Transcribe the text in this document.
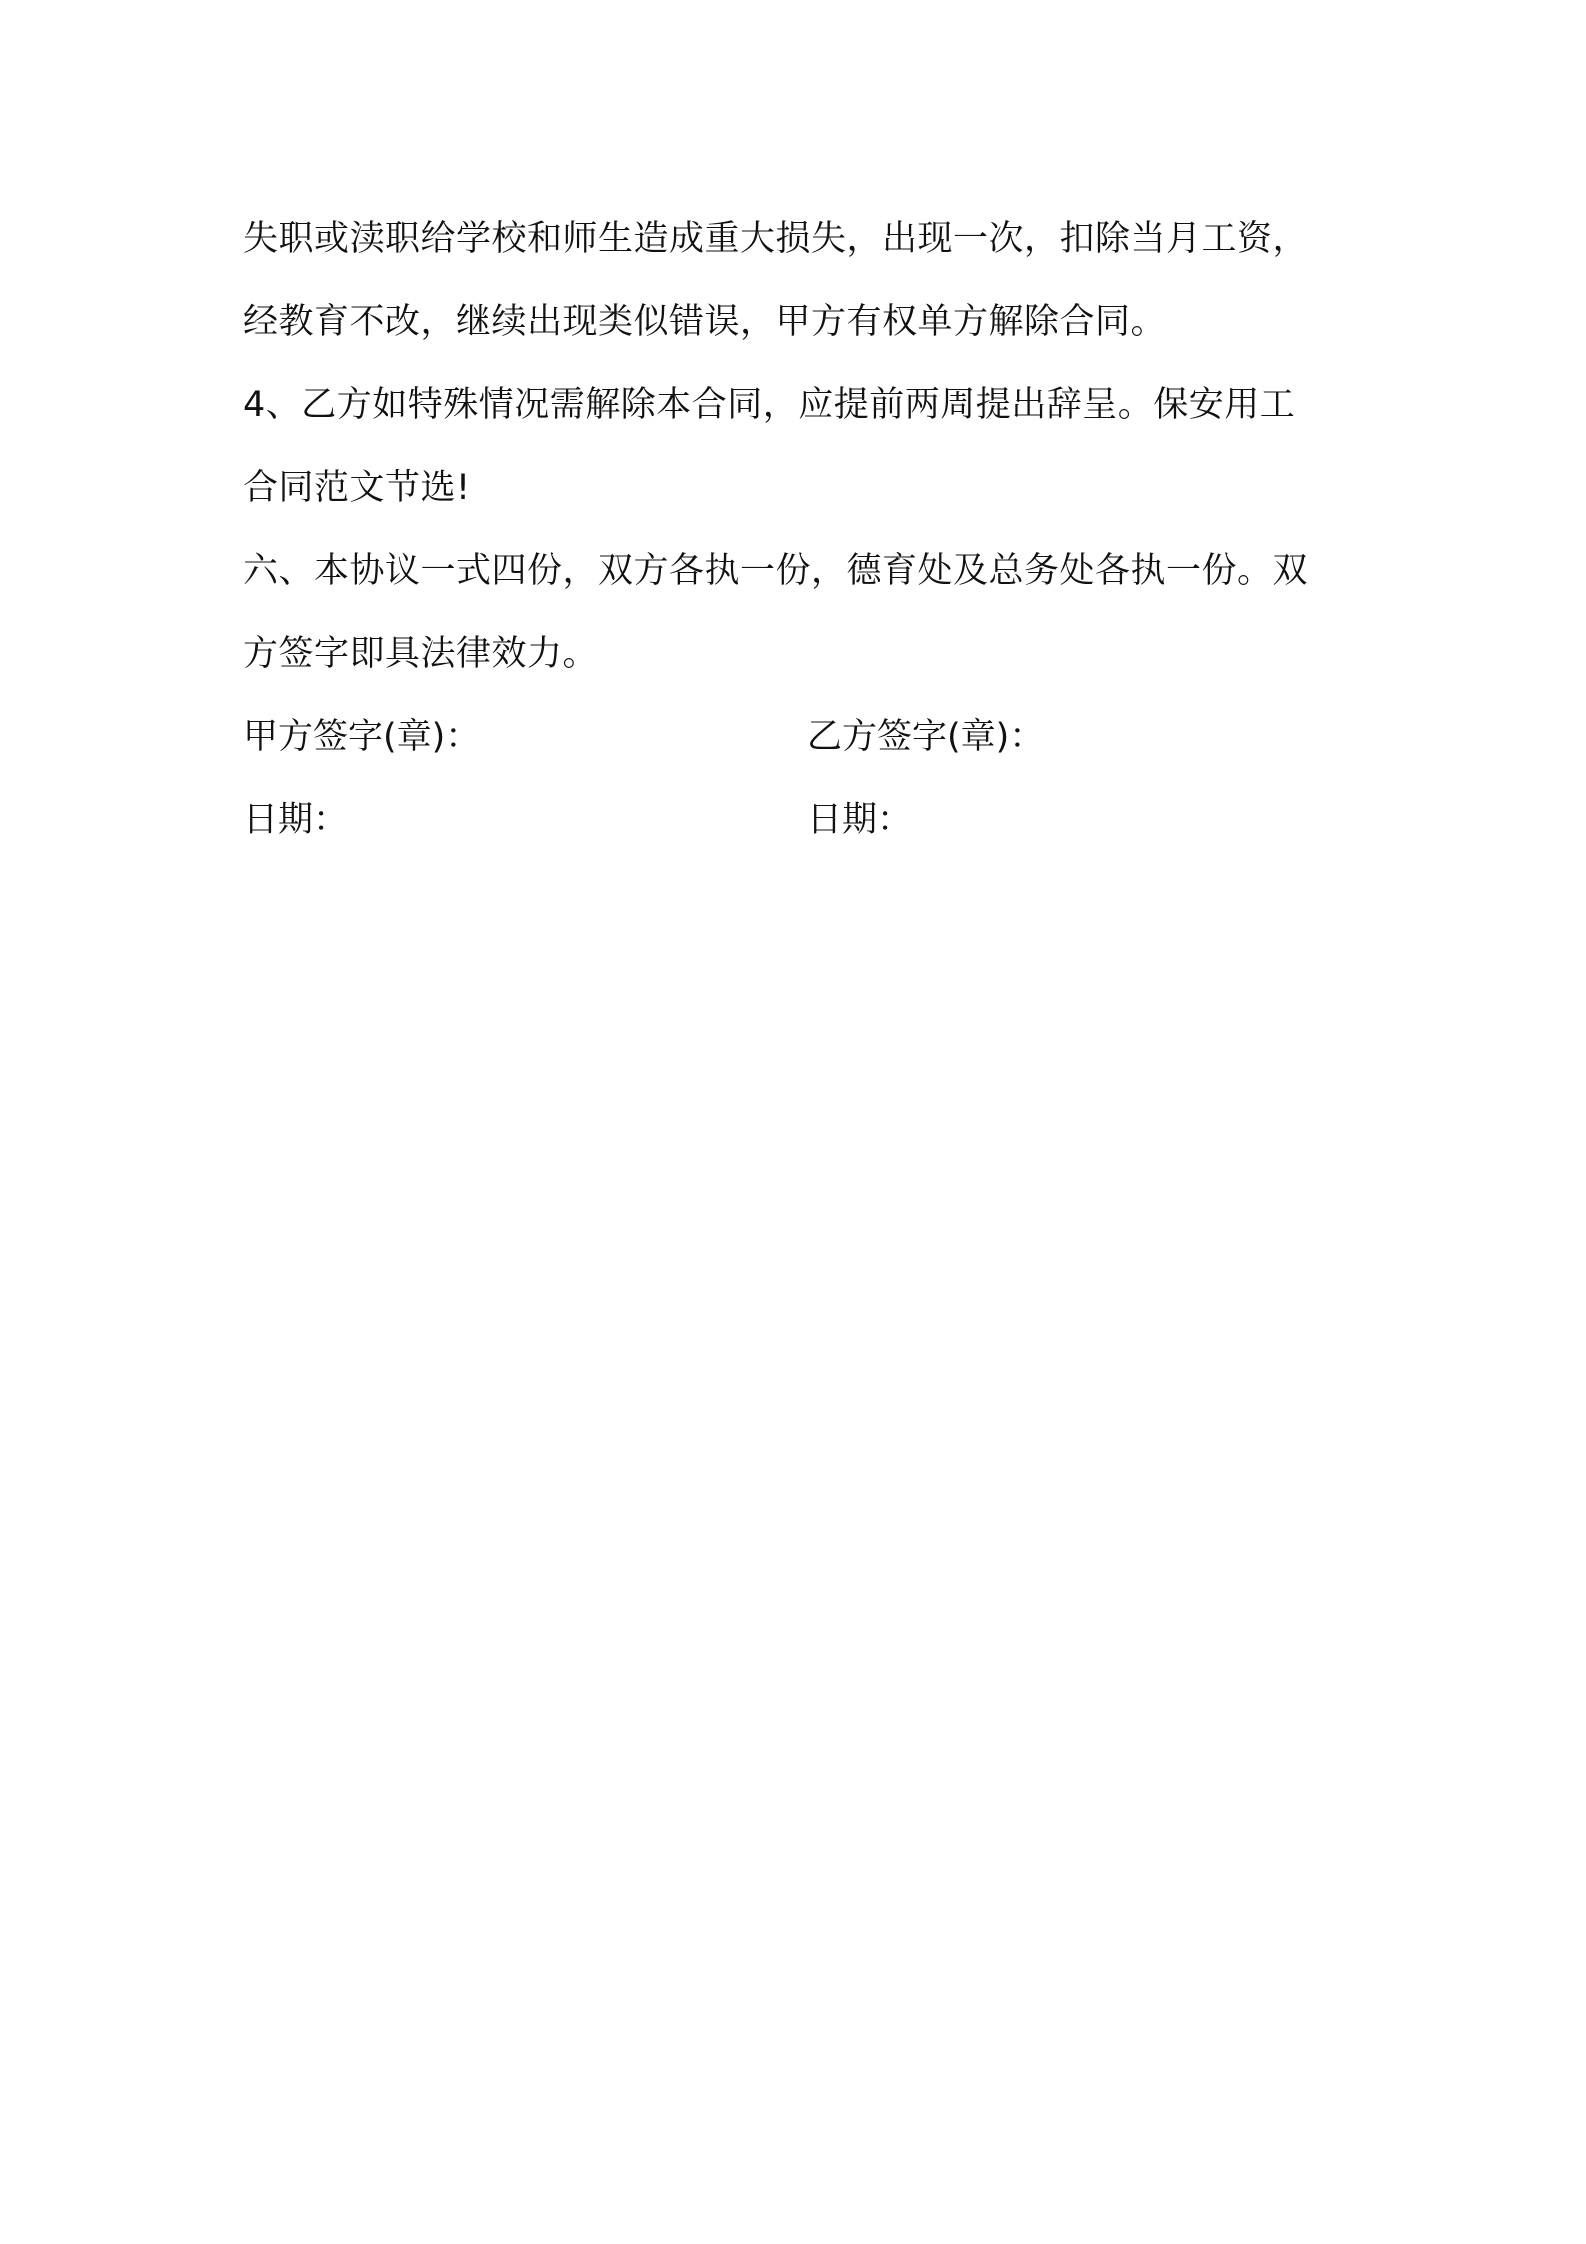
失职或渎职给学校和师生造成重大损失，出现一次，扣除当月工资，
经教育不改，继续出现类似错误，甲方有权单方解除合同。
4、乙方如特殊情况需解除本合同，应提前两周提出辞呈。保安用工
合同范文节选!
六、本协议一式四份，双方各执一份，德育处及总务处各执一份。双
方签字即具法律效力。
甲方签字(章)：	乙方签字(章)：
日期：	日期：
